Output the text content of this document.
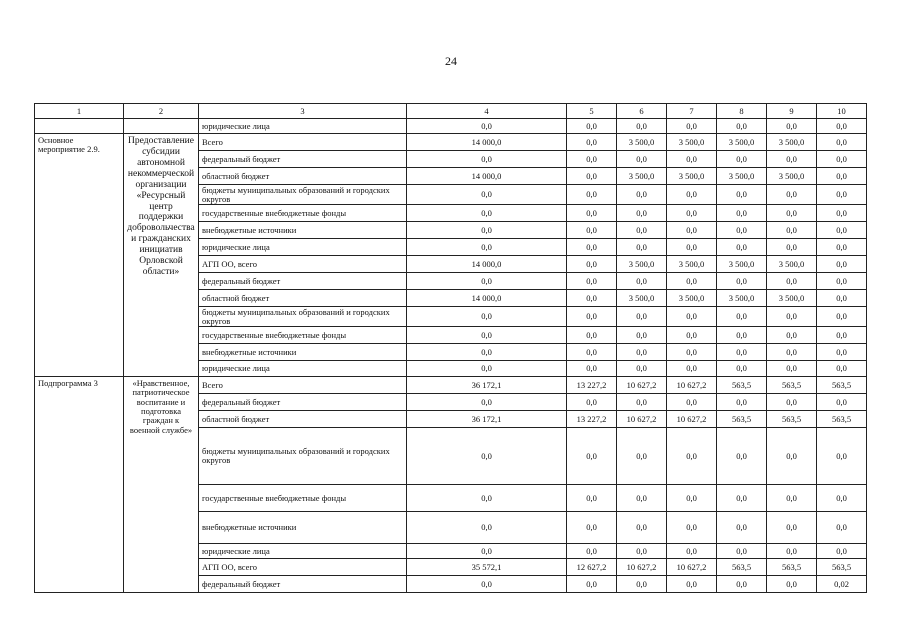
24
1	2	3	4	5	6	7	8	9	10
		юридические лица	0,0	0,0	0,0	0,0	0,0	0,0	0,0
Основное мероприятие 2.9.	Предоставление субсидии автономной некоммерческой организации «Ресурсный центр поддержки добровольчества и гражданских инициатив Орловской области»	Всего	14 000,0	0,0	3 500,0	3 500,0	3 500,0	3 500,0	0,0
		федеральный бюджет	0,0	0,0	0,0	0,0	0,0	0,0	0,0
		областной бюджет	14 000,0	0,0	3 500,0	3 500,0	3 500,0	3 500,0	0,0
		бюджеты муниципальных образований и городских округов	0,0	0,0	0,0	0,0	0,0	0,0	0,0
		государственные внебюджетные фонды	0,0	0,0	0,0	0,0	0,0	0,0	0,0
		внебюджетные источники	0,0	0,0	0,0	0,0	0,0	0,0	0,0
		юридические лица	0,0	0,0	0,0	0,0	0,0	0,0	0,0
		АГП ОО, всего	14 000,0	0,0	3 500,0	3 500,0	3 500,0	3 500,0	0,0
		федеральный бюджет	0,0	0,0	0,0	0,0	0,0	0,0	0,0
		областной бюджет	14 000,0	0,0	3 500,0	3 500,0	3 500,0	3 500,0	0,0
		бюджеты муниципальных образований и городских округов	0,0	0,0	0,0	0,0	0,0	0,0	0,0
		государственные внебюджетные фонды	0,0	0,0	0,0	0,0	0,0	0,0	0,0
		внебюджетные источники	0,0	0,0	0,0	0,0	0,0	0,0	0,0
		юридические лица	0,0	0,0	0,0	0,0	0,0	0,0	0,0
Подпрограмма 3	«Нравственное, патриотическое воспитание и подготовка граждан к военной службе»	Всего	36 172,1	13 227,2	10 627,2	10 627,2	563,5	563,5	563,5
		федеральный бюджет	0,0	0,0	0,0	0,0	0,0	0,0	0,0
		областной бюджет	36 172,1	13 227,2	10 627,2	10 627,2	563,5	563,5	563,5
		бюджеты муниципальных образований и городских округов	0,0	0,0	0,0	0,0	0,0	0,0	0,0
		государственные внебюджетные фонды	0,0	0,0	0,0	0,0	0,0	0,0	0,0
		внебюджетные источники	0,0	0,0	0,0	0,0	0,0	0,0	0,0
		юридические лица	0,0	0,0	0,0	0,0	0,0	0,0	0,0
		АГП ОО, всего	35 572,1	12 627,2	10 627,2	10 627,2	563,5	563,5	563,5
		федеральный бюджет	0,0	0,0	0,0	0,0	0,0	0,0	0,02
